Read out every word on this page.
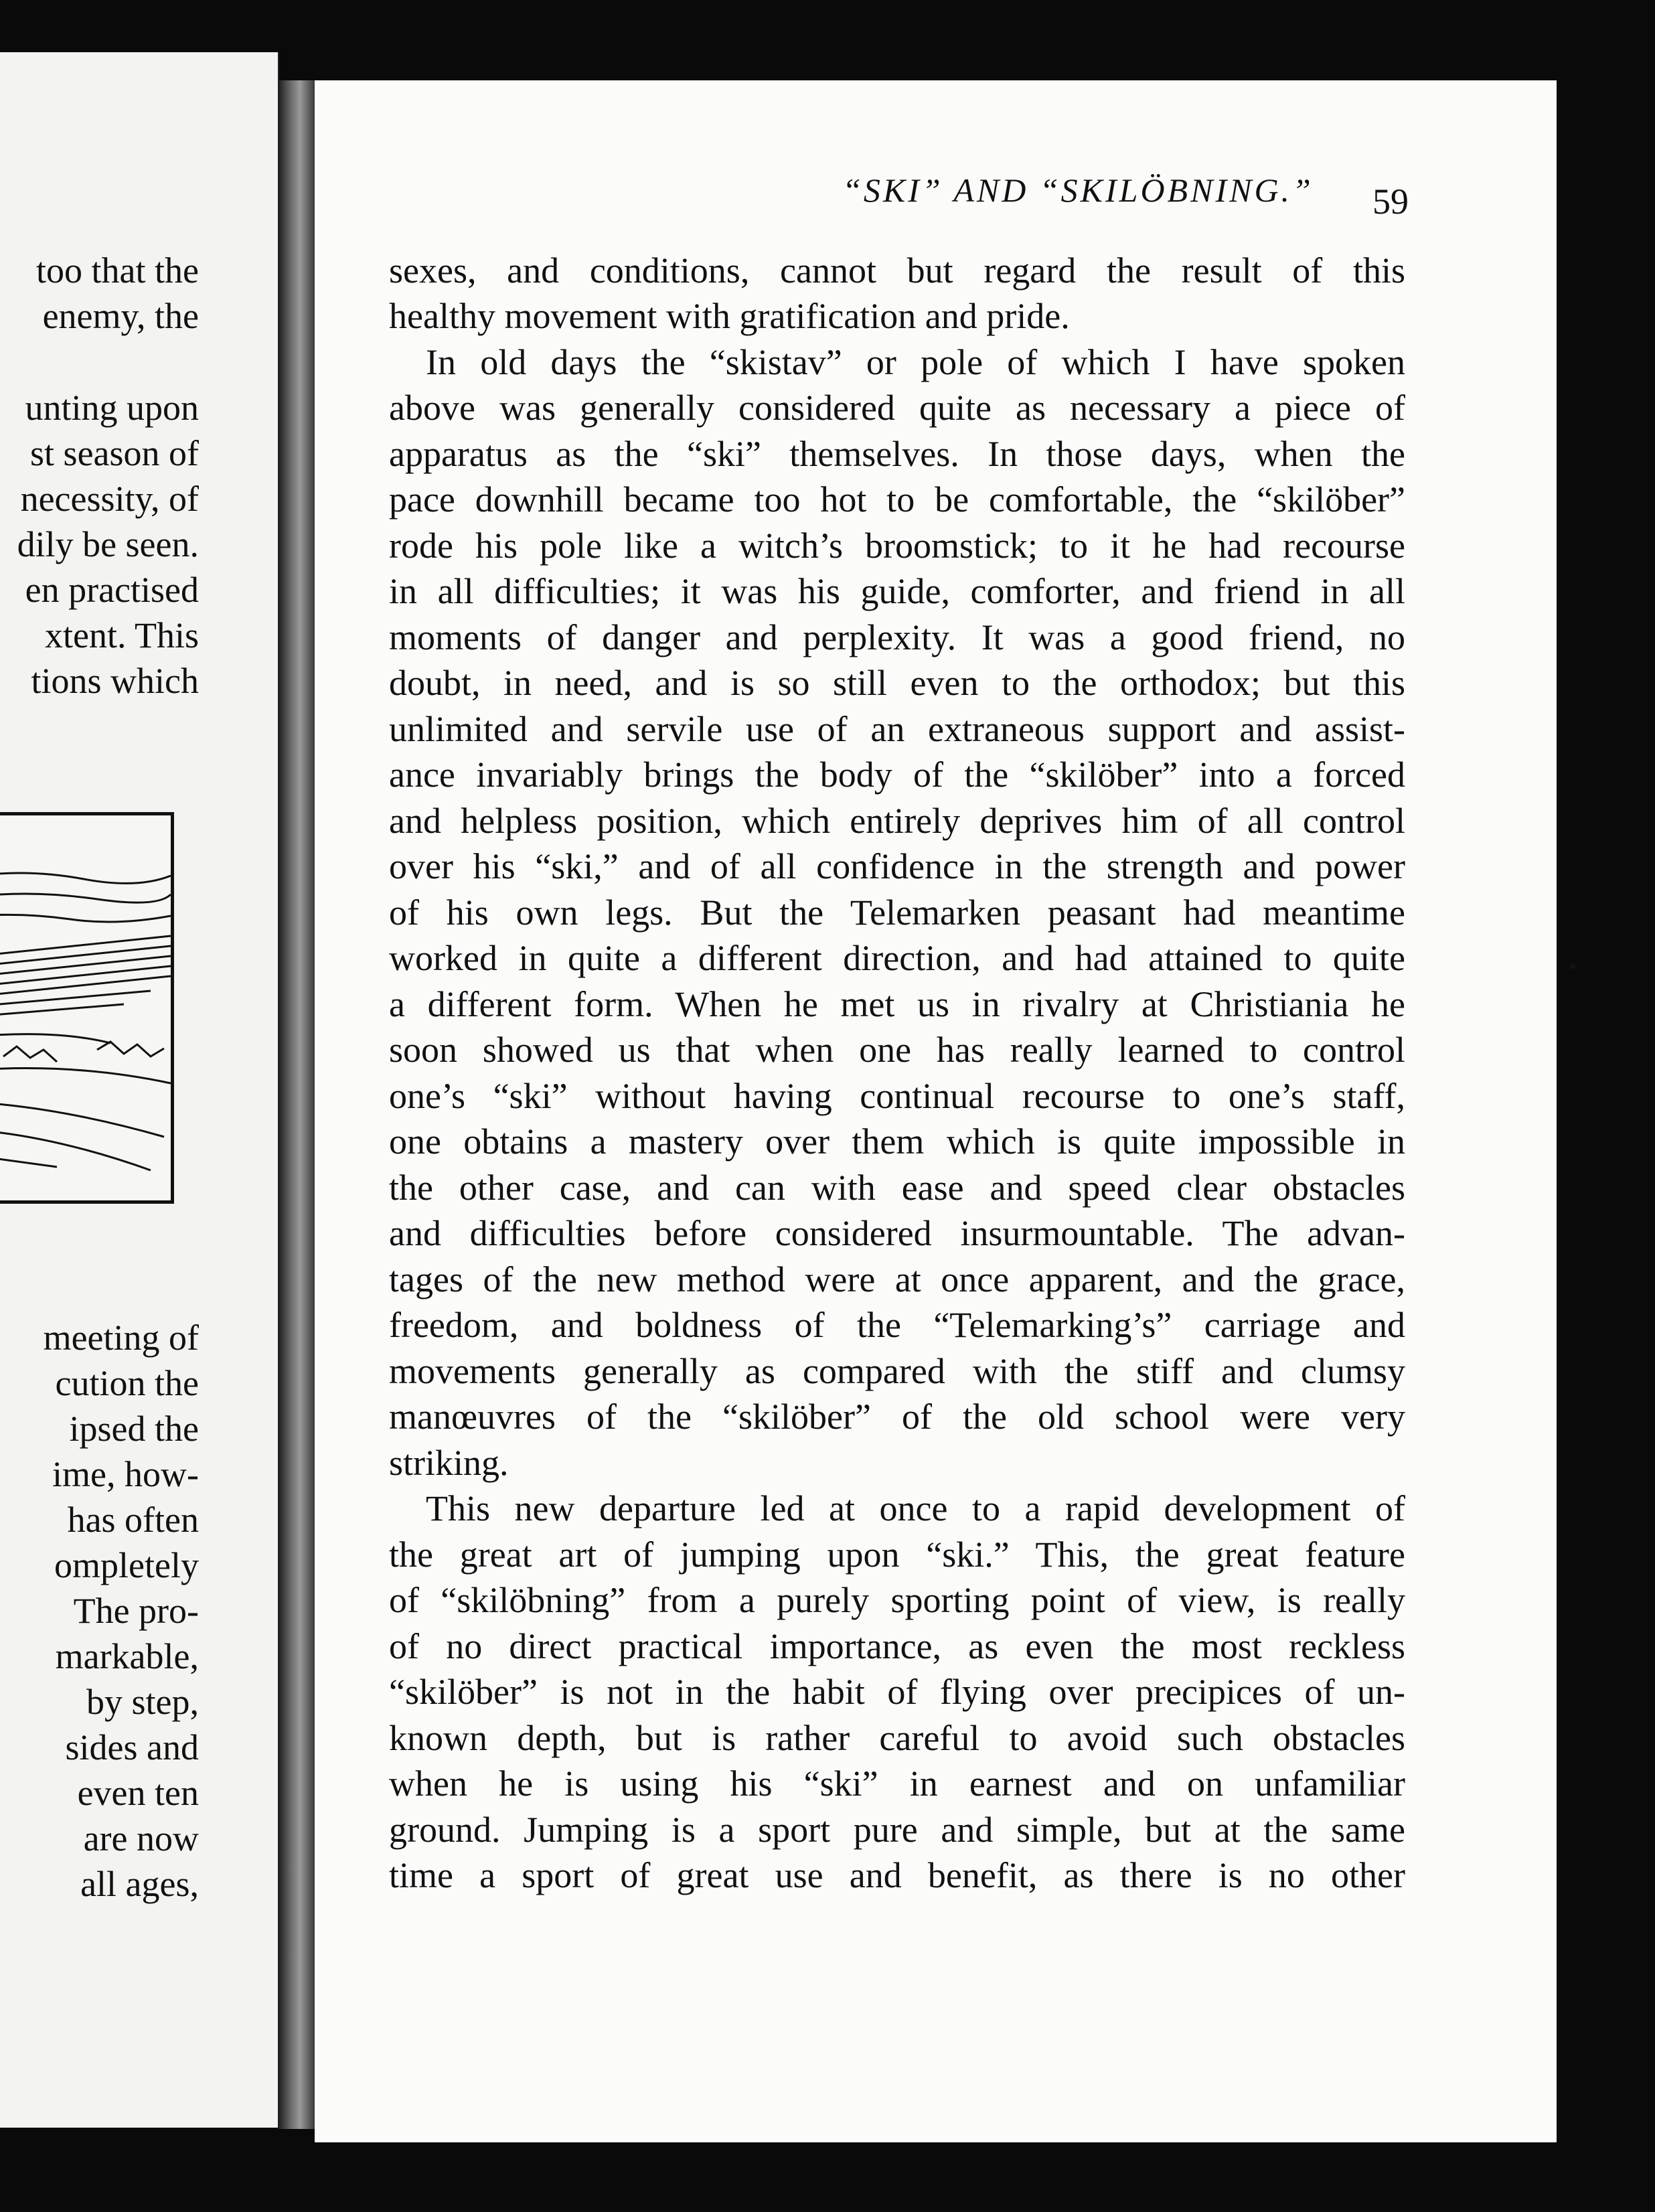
too that the
enemy, the
unting upon
st season of
necessity, of
dily be seen.
en practised
xtent. This
tions which
meeting of
cution the
ipsed the
ime, how-
has often
ompletely
The pro-
markable,
by step,
sides and
even ten
are now
all ages,
“SKI” AND “SKILÖBNING.”	59
sexes, and conditions, cannot but regard the result of this
healthy movement with gratification and pride.
In old days the “skistav” or pole of which I have spoken
above was generally considered quite as necessary a piece of
apparatus as the “ski” themselves. In those days, when the
pace downhill became too hot to be comfortable, the “skilöber”
rode his pole like a witch’s broomstick; to it he had recourse
in all difficulties; it was his guide, comforter, and friend in all
moments of danger and perplexity. It was a good friend, no
doubt, in need, and is so still even to the orthodox; but this
unlimited and servile use of an extraneous support and assist-
ance invariably brings the body of the “skilöber” into a forced
and helpless position, which entirely deprives him of all control
over his “ski,” and of all confidence in the strength and power
of his own legs. But the Telemarken peasant had meantime
worked in quite a different direction, and had attained to quite
a different form. When he met us in rivalry at Christiania he
soon showed us that when one has really learned to control
one’s “ski” without having continual recourse to one’s staff,
one obtains a mastery over them which is quite impossible in
the other case, and can with ease and speed clear obstacles
and difficulties before considered insurmountable. The advan-
tages of the new method were at once apparent, and the grace,
freedom, and boldness of the “Telemarking’s” carriage and
movements generally as compared with the stiff and clumsy
manœuvres of the “skilöber” of the old school were very
striking.
This new departure led at once to a rapid development of
the great art of jumping upon “ski.” This, the great feature
of “skilöbning” from a purely sporting point of view, is really
of no direct practical importance, as even the most reckless
“skilöber” is not in the habit of flying over precipices of un-
known depth, but is rather careful to avoid such obstacles
when he is using his “ski” in earnest and on unfamiliar
ground. Jumping is a sport pure and simple, but at the same
time a sport of great use and benefit, as there is no other
